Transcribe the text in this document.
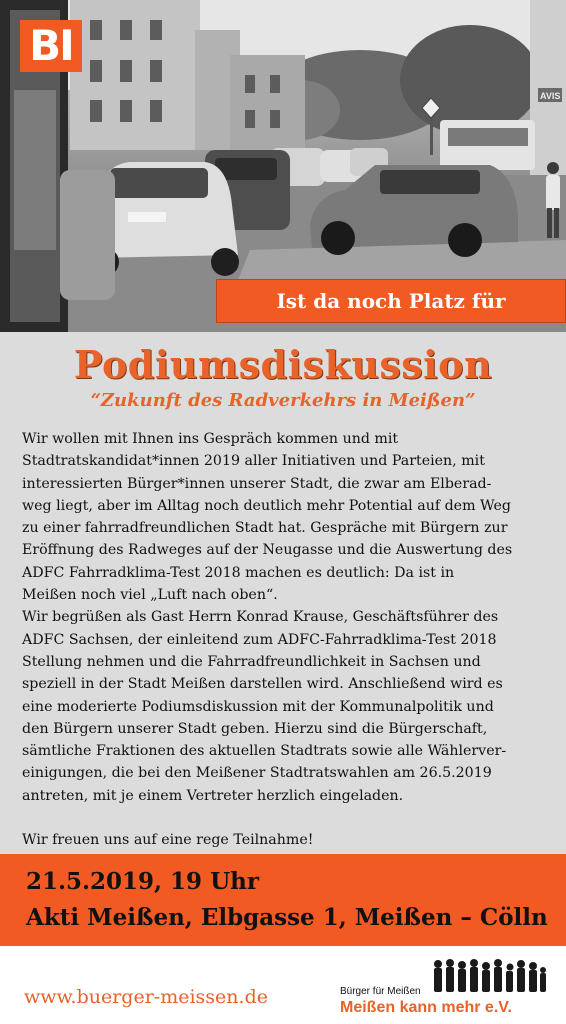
AVIS
BI
Ist da noch Platz für
Podiumsdiskussion
“Zukunft des Radverkehrs in Meißen”

Wir wollen mit Ihnen ins Gespräch kommen und mit
Stadtratskandidat*innen 2019 aller Initiativen und Parteien, mit
interessierten Bürger*innen unserer Stadt, die zwar am Elberad-
weg liegt, aber im Alltag noch deutlich mehr Potential auf dem Weg
zu einer fahrradfreundlichen Stadt hat. Gespräche mit Bürgern zur
Eröffnung des Radweges auf der Neugasse und die Auswertung des
ADFC Fahrradklima-Test 2018 machen es deutlich: Da ist in
Meißen noch viel „Luft nach oben“.

Wir begrüßen als Gast Herrn Konrad Krause, Geschäftsführer des
ADFC Sachsen, der einleitend zum ADFC-Fahrradklima-Test 2018
Stellung nehmen und die Fahrradfreundlichkeit in Sachsen und
speziell in der Stadt Meißen darstellen wird. Anschließend wird es
eine moderierte Podiumsdiskussion mit der Kommunalpolitik und
den Bürgern unserer Stadt geben. Hierzu sind die Bürgerschaft,
sämtliche Fraktionen des aktuellen Stadtrats sowie alle Wählerver-
einigungen, die bei den Meißener Stadtratswahlen am 26.5.2019
antreten, mit je einem Vertreter herzlich eingeladen.

Wir freuen uns auf eine rege Teilnahme!

21.5.2019, 19 Uhr
Akti Meißen, Elbgasse 1, Meißen – Cölln
www.buerger-meissen.de	Bürger für Meißen
Meißen kann mehr e.V.
